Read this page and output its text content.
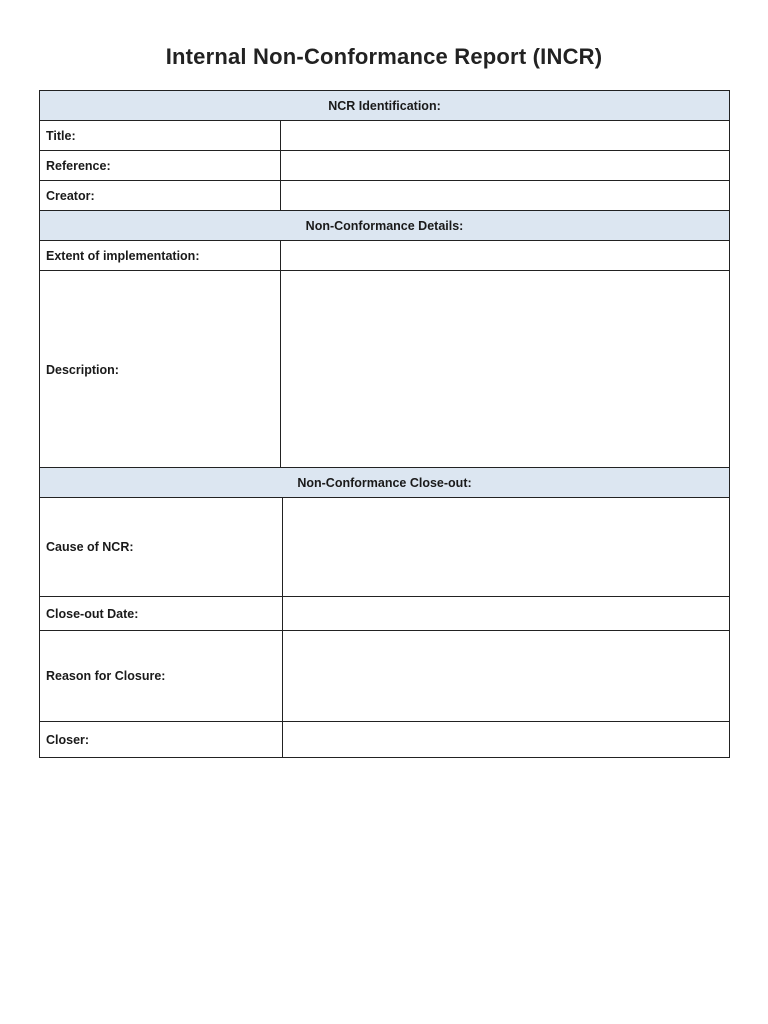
Internal Non-Conformance Report (INCR)
NCR Identification:	
Title:	
Reference:	
Creator:	
Non-Conformance Details:	
Extent of implementation:	
Description:	
Non-Conformance Close-out:	
Cause of NCR:	
Close-out Date:	
Reason for Closure:	
Closer:	
